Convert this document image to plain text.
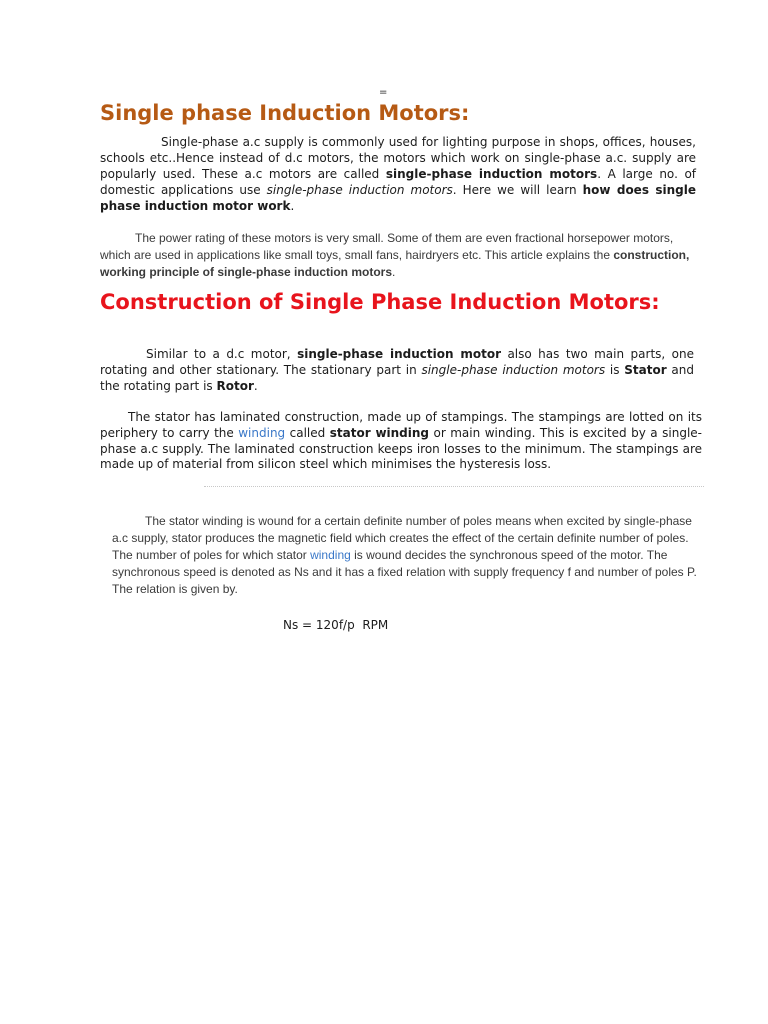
=
Single phase Induction Motors:

Single-phase a.c supply is commonly used for lighting purpose in shops, offices, houses, schools etc..Hence instead of d.c motors, the motors which work on single-phase a.c. supply are popularly used. These a.c motors are called single-phase induction motors. A large no. of domestic applications use single-phase induction motors. Here we will learn how does single phase induction motor work.

The power rating of these motors is very small. Some of them are even fractional horsepower motors, which are used in applications like small toys, small fans, hairdryers etc. This article explains the construction, working principle of single-phase induction motors.

Construction of Single Phase Induction Motors:

Similar to a d.c motor, single-phase induction motor also has two main parts, one rotating and other stationary. The stationary part in single-phase induction motors is Stator and the rotating part is Rotor.

The stator has laminated construction, made up of stampings. The stampings are lotted on its periphery to carry the winding called stator winding or main winding. This is excited by a single-phase a.c supply. The laminated construction keeps iron losses to the minimum. The stampings are made up of material from silicon steel which minimises the hysteresis loss.

The stator winding is wound for a certain definite number of poles means when excited by single-phase a.c supply, stator produces the magnetic field which creates the effect of the certain definite number of poles. The number of poles for which stator winding is wound decides the synchronous speed of the motor. The synchronous speed is denoted as Ns and it has a fixed relation with supply frequency f and number of poles P. The relation is given by.

Ns = 120f/p  RPM
